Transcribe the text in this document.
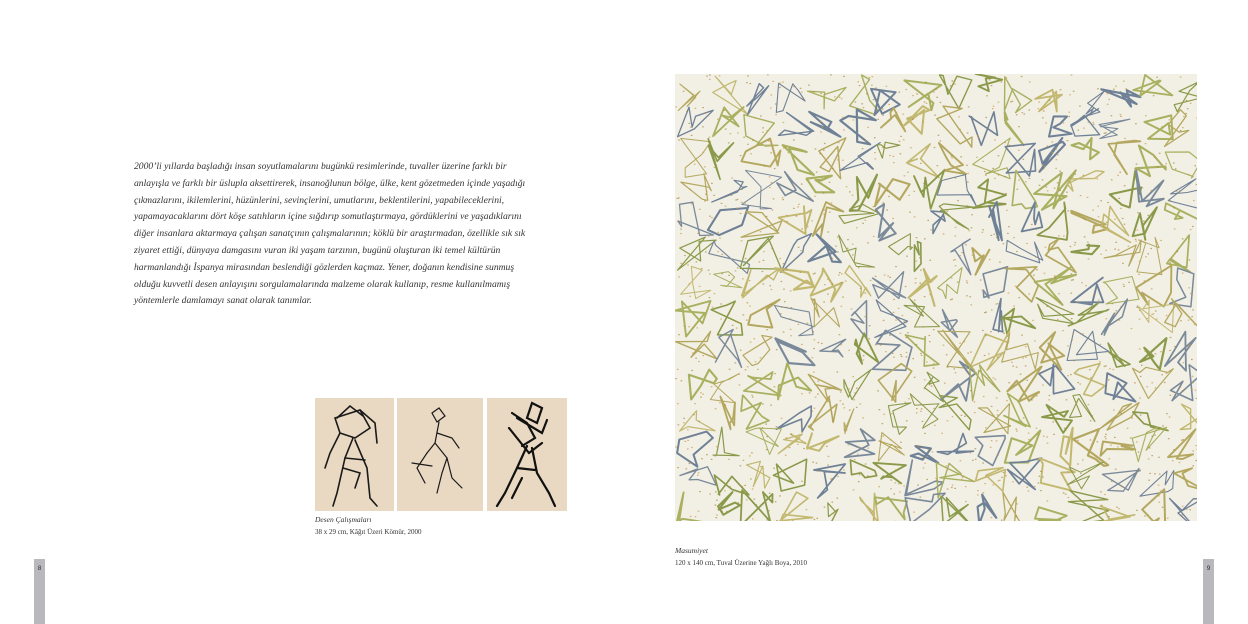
2000’li yıllarda başladığı insan soyutlamalarını bugünkü resimlerinde, tuvaller üzerine farklı bir anlayışla ve farklı bir üslupla aksettirerek, insanoğlunun bölge, ülke, kent gözetmeden içinde yaşadığı çıkmazlarını, ikilemlerini, hüzünlerini, sevinçlerini, umutlarını, beklentilerini, yapabileceklerini, yapamayacaklarını dört köşe satıhların içine sığdırıp somutlaştırmaya, gördüklerini ve yaşadıklarını diğer insanlara aktarmaya çalışan sanatçının çalışmalarının; köklü bir araştırmadan, özellikle sık sık ziyaret ettiği, dünyaya damgasını vuran iki yaşam tarzının, bugünü oluşturan iki temel kültürün harmanlandığı İspanya mirasından beslendiği gözlerden kaçmaz. Yener, doğanın kendisine sunmuş olduğu kuvvetli desen anlayışını sorgulamalarında malzeme olarak kullanıp, resme kullanılmamış yöntemlerle damlamayı sanat olarak tanımlar.

Desen Çalışmaları
38 x 29 cm, Kâğıt Üzeri Kömür, 2000
Masumiyet
120 x 140 cm, Tuval Üzerine Yağlı Boya, 2010
8	9
